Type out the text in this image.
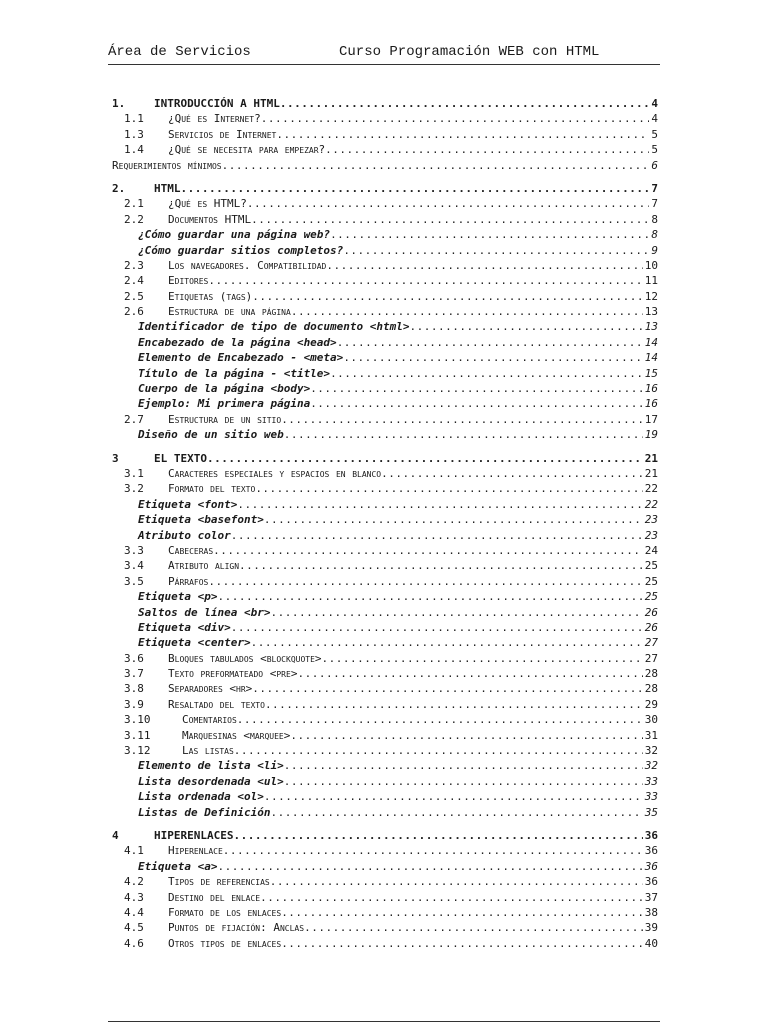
Área de Servicios	Curso Programación WEB con HTML
1.	INTRODUCCIÓN A HTML .....	4
1.1	¿Qué es Internet? .....	4
1.3	Servicios de Internet .....	5
1.4	¿Qué se necesita para empezar? .....	5
Requerimientos mínimos .....	6
2.	HTML .....	7
2.1	¿Qué es HTML? .....	7
2.2	Documentos HTML .....	8
¿Cómo guardar una página web? .....	8
¿Cómo guardar sitios completos? .....	9
2.3	Los navegadores. Compatibilidad .....	10
2.4	Editores .....	11
2.5	Etiquetas (tags) .....	12
2.6	Estructura de una página .....	13
Identificador de tipo de documento <html> .....	13
Encabezado de la página <head> .....	14
Elemento de Encabezado - <meta> .....	14
Título de la página - <title> .....	15
Cuerpo de la página <body> .....	16
Ejemplo: Mi primera página .....	16
2.7	Estructura de un sitio .....	17
Diseño de un sitio web .....	19
3	EL TEXTO .....	21
3.1	Caracteres especiales y espacios en blanco .....	21
3.2	Formato del texto .....	22
Etiqueta <font> .....	22
Etiqueta <basefont> .....	23
Atributo color .....	23
3.3	Cabeceras .....	24
3.4	Atributo align .....	25
3.5	Párrafos .....	25
Etiqueta <p> .....	25
Saltos de línea <br> .....	26
Etiqueta <div> .....	26
Etiqueta <center> .....	27
3.6	Bloques tabulados <blockquote> .....	27
3.7	Texto preformateado <pre> .....	28
3.8	Separadores <hr> .....	28
3.9	Resaltado del texto .....	29
3.10	Comentarios .....	30
3.11	Marquesinas <marquee> .....	31
3.12	Las listas .....	32
Elemento de lista <li> .....	32
Lista desordenada <ul> .....	33
Lista ordenada <ol> .....	33
Listas de Definición .....	35
4	HIPERENLACES .....	36
4.1	Hiperenlace .....	36
Etiqueta <a> .....	36
4.2	Tipos de referencias .....	36
4.3	Destino del enlace .....	37
4.4	Formato de los enlaces .....	38
4.5	Puntos de fijación: Anclas .....	39
4.6	Otros tipos de enlaces .....	40
